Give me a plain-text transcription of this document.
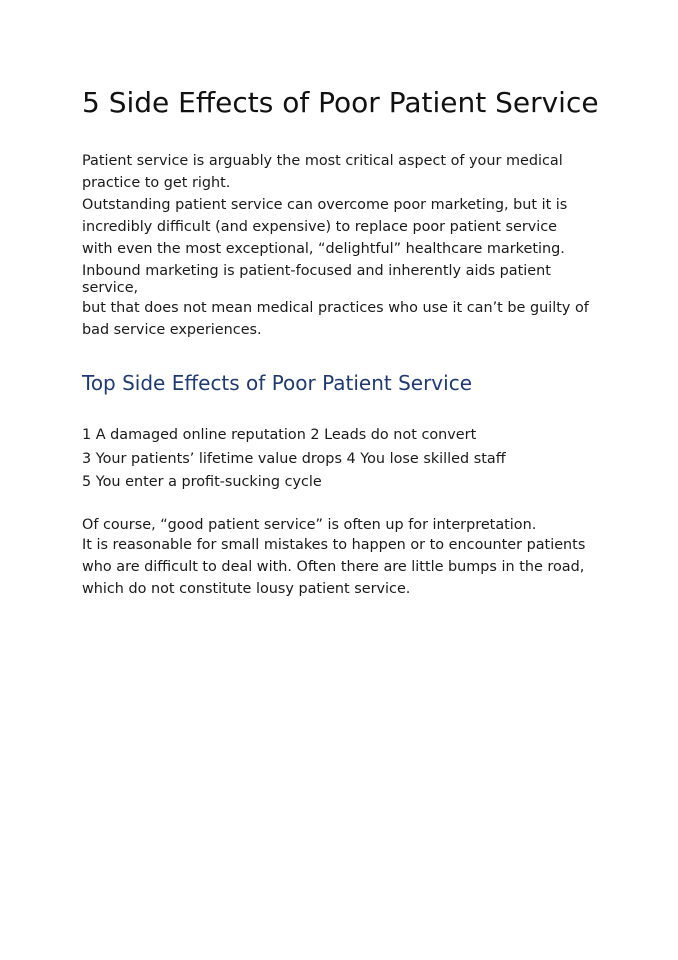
5 Side Effects of Poor Patient Service

Patient service is arguably the most critical aspect of your medical
practice to get right.

Outstanding patient service can overcome poor marketing, but it is
incredibly difficult (and expensive) to replace poor patient service
with even the most exceptional, “delightful” healthcare marketing.

Inbound marketing is patient-focused and inherently aids patient
service,
but that does not mean medical practices who use it can’t be guilty of
bad service experiences.

Top Side Effects of Poor Patient Service
1 A damaged online reputation 2 Leads do not convert
3 Your patients’ lifetime value drops 4 You lose skilled staff
5 You enter a profit-sucking cycle

Of course, “good patient service” is often up for interpretation.
It is reasonable for small mistakes to happen or to encounter patients
who are difficult to deal with. Often there are little bumps in the road,
which do not constitute lousy patient service.
